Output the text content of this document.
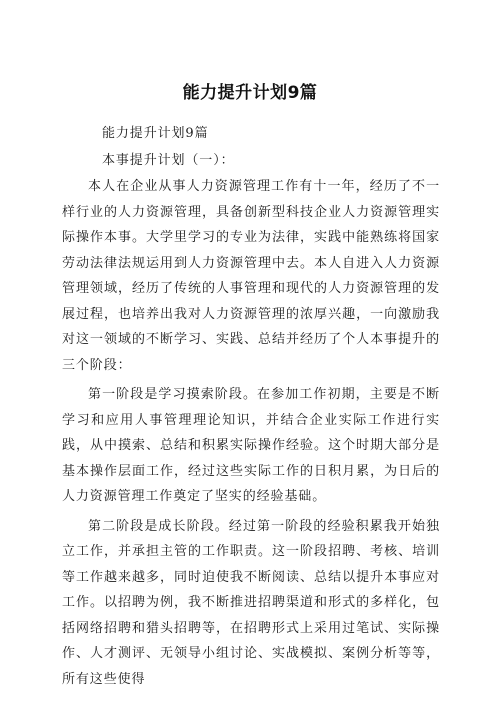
能力提升计划9篇

能力提升计划9篇

本事提升计划（一）：

本人在企业从事人力资源管理工作有十一年，经历了不一样行业的人力资源管理，具备创新型科技企业人力资源管理实际操作本事。大学里学习的专业为法律，实践中能熟练将国家劳动法律法规运用到人力资源管理中去。本人自进入人力资源管理领域，经历了传统的人事管理和现代的人力资源管理的发展过程，也培养出我对人力资源管理的浓厚兴趣，一向激励我对这一领域的不断学习、实践、总结并经历了个人本事提升的三个阶段：

第一阶段是学习摸索阶段。在参加工作初期，主要是不断学习和应用人事管理理论知识，并结合企业实际工作进行实践，从中摸索、总结和积累实际操作经验。这个时期大部分是基本操作层面工作，经过这些实际工作的日积月累，为日后的人力资源管理工作奠定了坚实的经验基础。

第二阶段是成长阶段。经过第一阶段的经验积累我开始独立工作，并承担主管的工作职责。这一阶段招聘、考核、培训等工作越来越多，同时迫使我不断阅读、总结以提升本事应对工作。以招聘为例，我不断推进招聘渠道和形式的多样化，包括网络招聘和猎头招聘等，在招聘形式上采用过笔试、实际操作、人才测评、无领导小组讨论、实战模拟、案例分析等等，所有这些使得
